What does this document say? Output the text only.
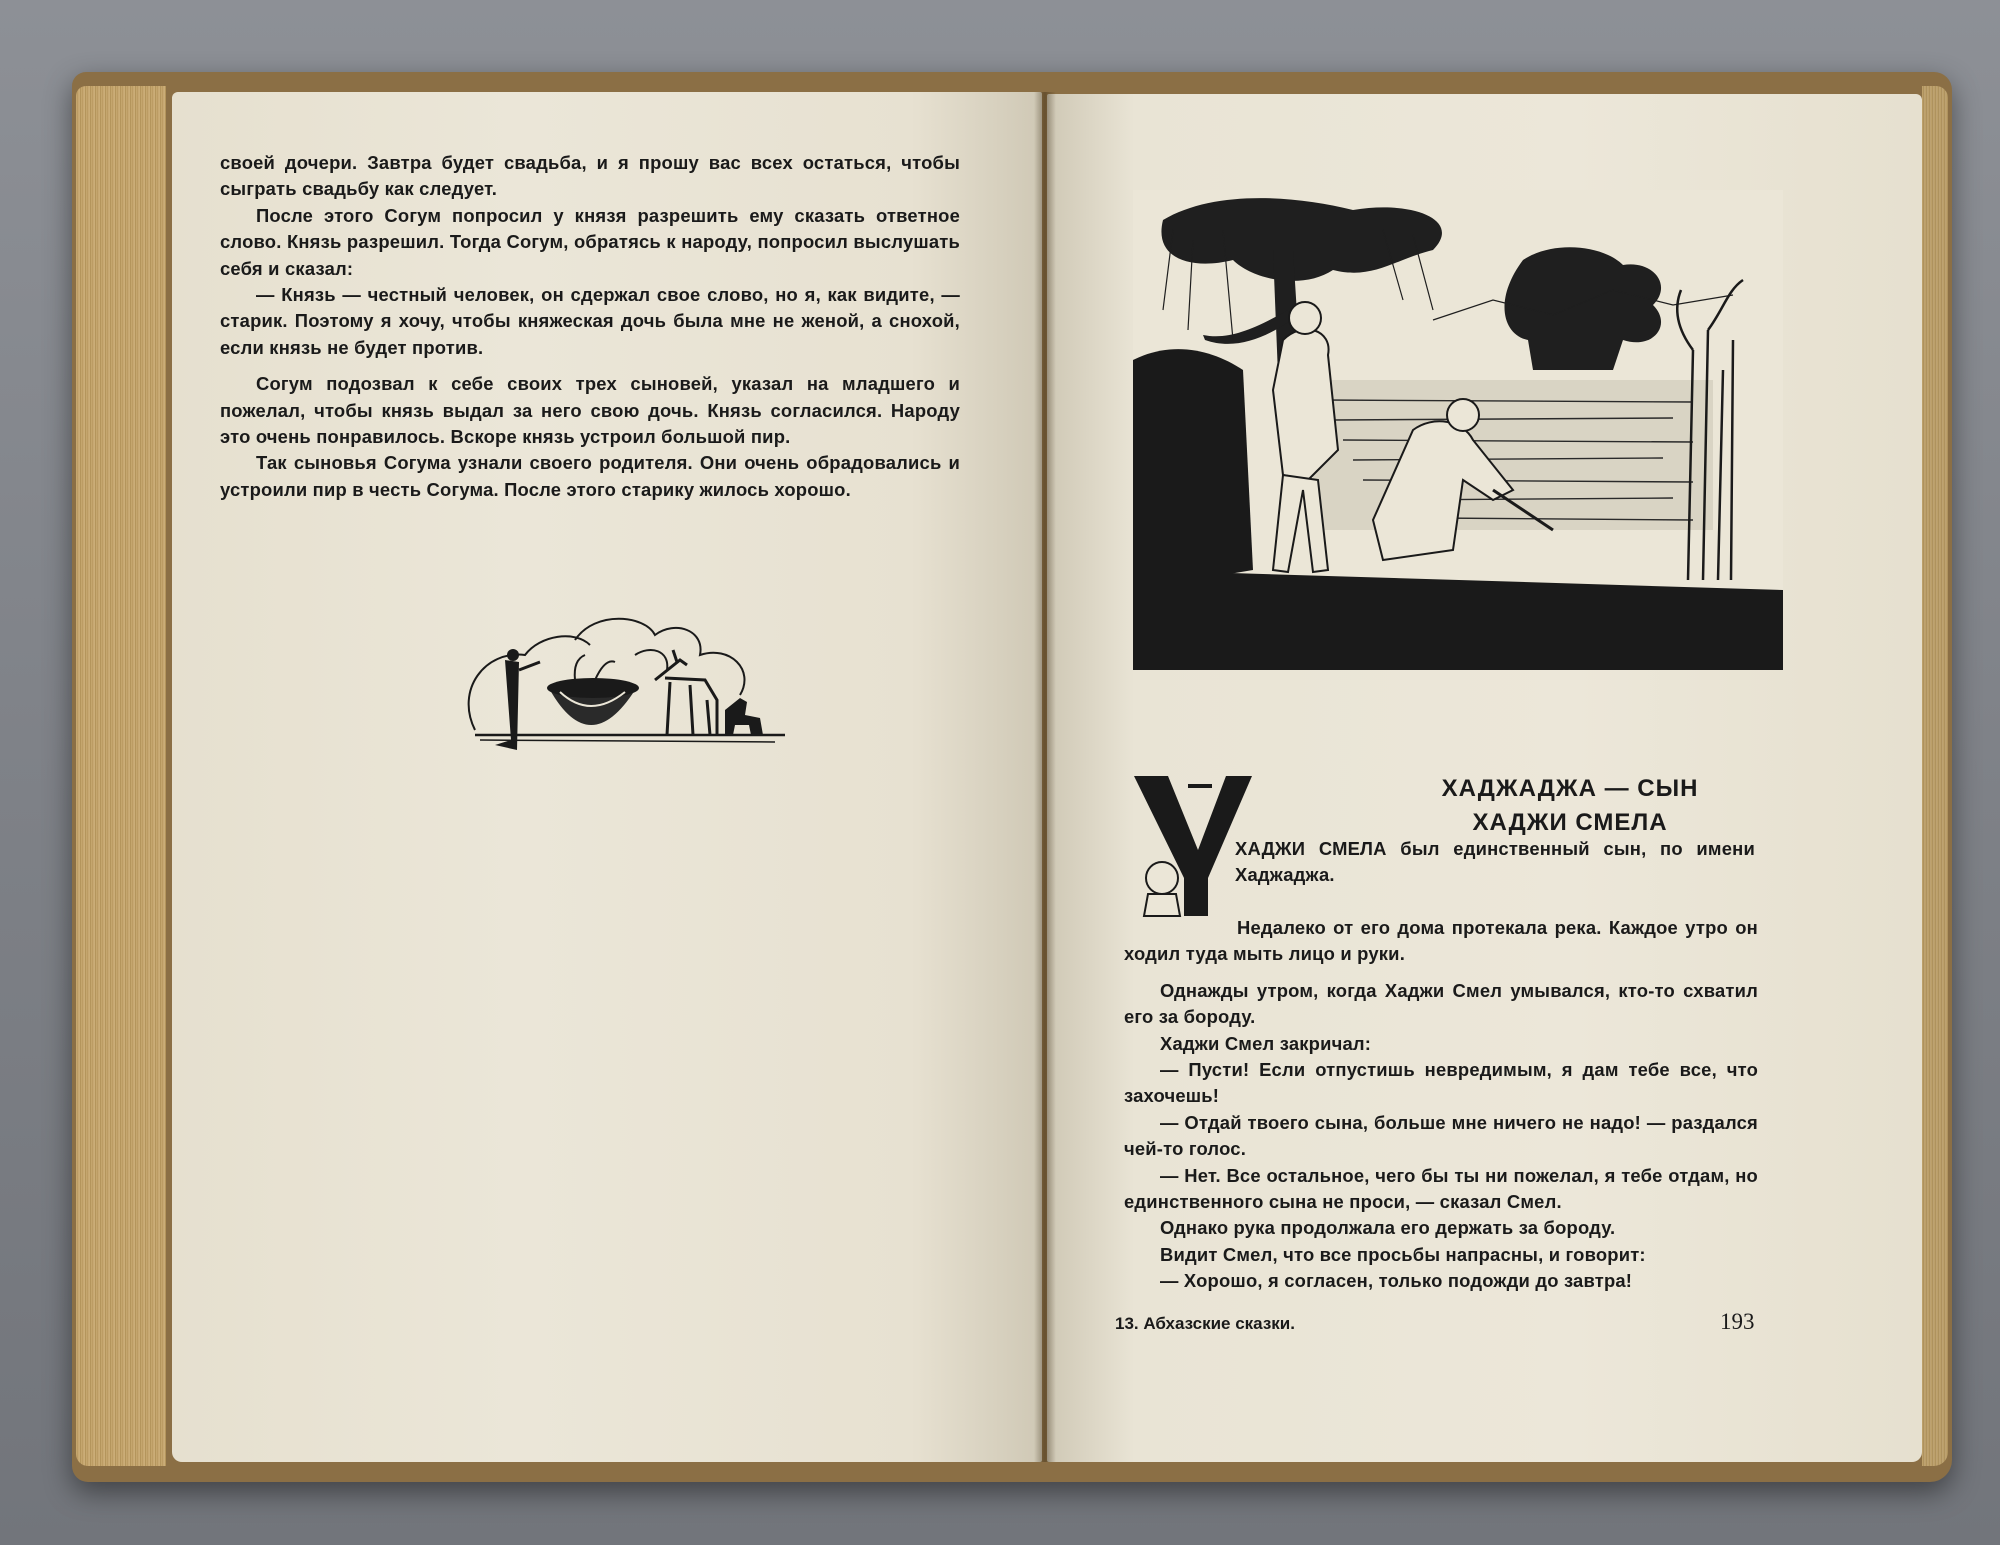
своей дочери. Завтра будет свадьба, и я прошу вас всех остаться, чтобы сыграть свадьбу как следует.

После этого Согум попросил у князя разрешить ему сказать ответное слово. Князь разрешил. Тогда Согум, обратясь к народу, попросил выслушать себя и сказал:

— Князь — честный человек, он сдержал свое слово, но я, как видите, — старик. Поэтому я хочу, чтобы княжеская дочь была мне не женой, а снохой, если князь не будет против.

Согум подозвал к себе своих трех сыновей, указал на младшего и пожелал, чтобы князь выдал за него свою дочь. Князь согласился. Народу это очень понравилось. Вскоре князь устроил большой пир.

Так сыновья Согума узнали своего родителя. Они очень обрадовались и устроили пир в честь Согума. После этого старику жилось хорошо.

ХАДЖАДЖА — СЫН
ХАДЖИ СМЕЛА
ХАДЖИ СМЕЛА был единственный сын, по имени Хаджаджа.

Недалеко от его дома протекала река. Каждое утро он ходил туда мыть лицо и руки.

Однажды утром, когда Хаджи Смел умывался, кто-то схватил его за бороду.

Хаджи Смел закричал:

— Пусти! Если отпустишь невредимым, я дам тебе все, что захочешь!

— Отдай твоего сына, больше мне ничего не надо! — раздался чей-то голос.

— Нет. Все остальное, чего бы ты ни пожелал, я тебе отдам, но единственного сына не проси, — сказал Смел.

Однако рука продолжала его держать за бороду.

Видит Смел, что все просьбы напрасны, и говорит:

— Хорошо, я согласен, только подожди до завтра!

13. Абхазские сказки.	193
